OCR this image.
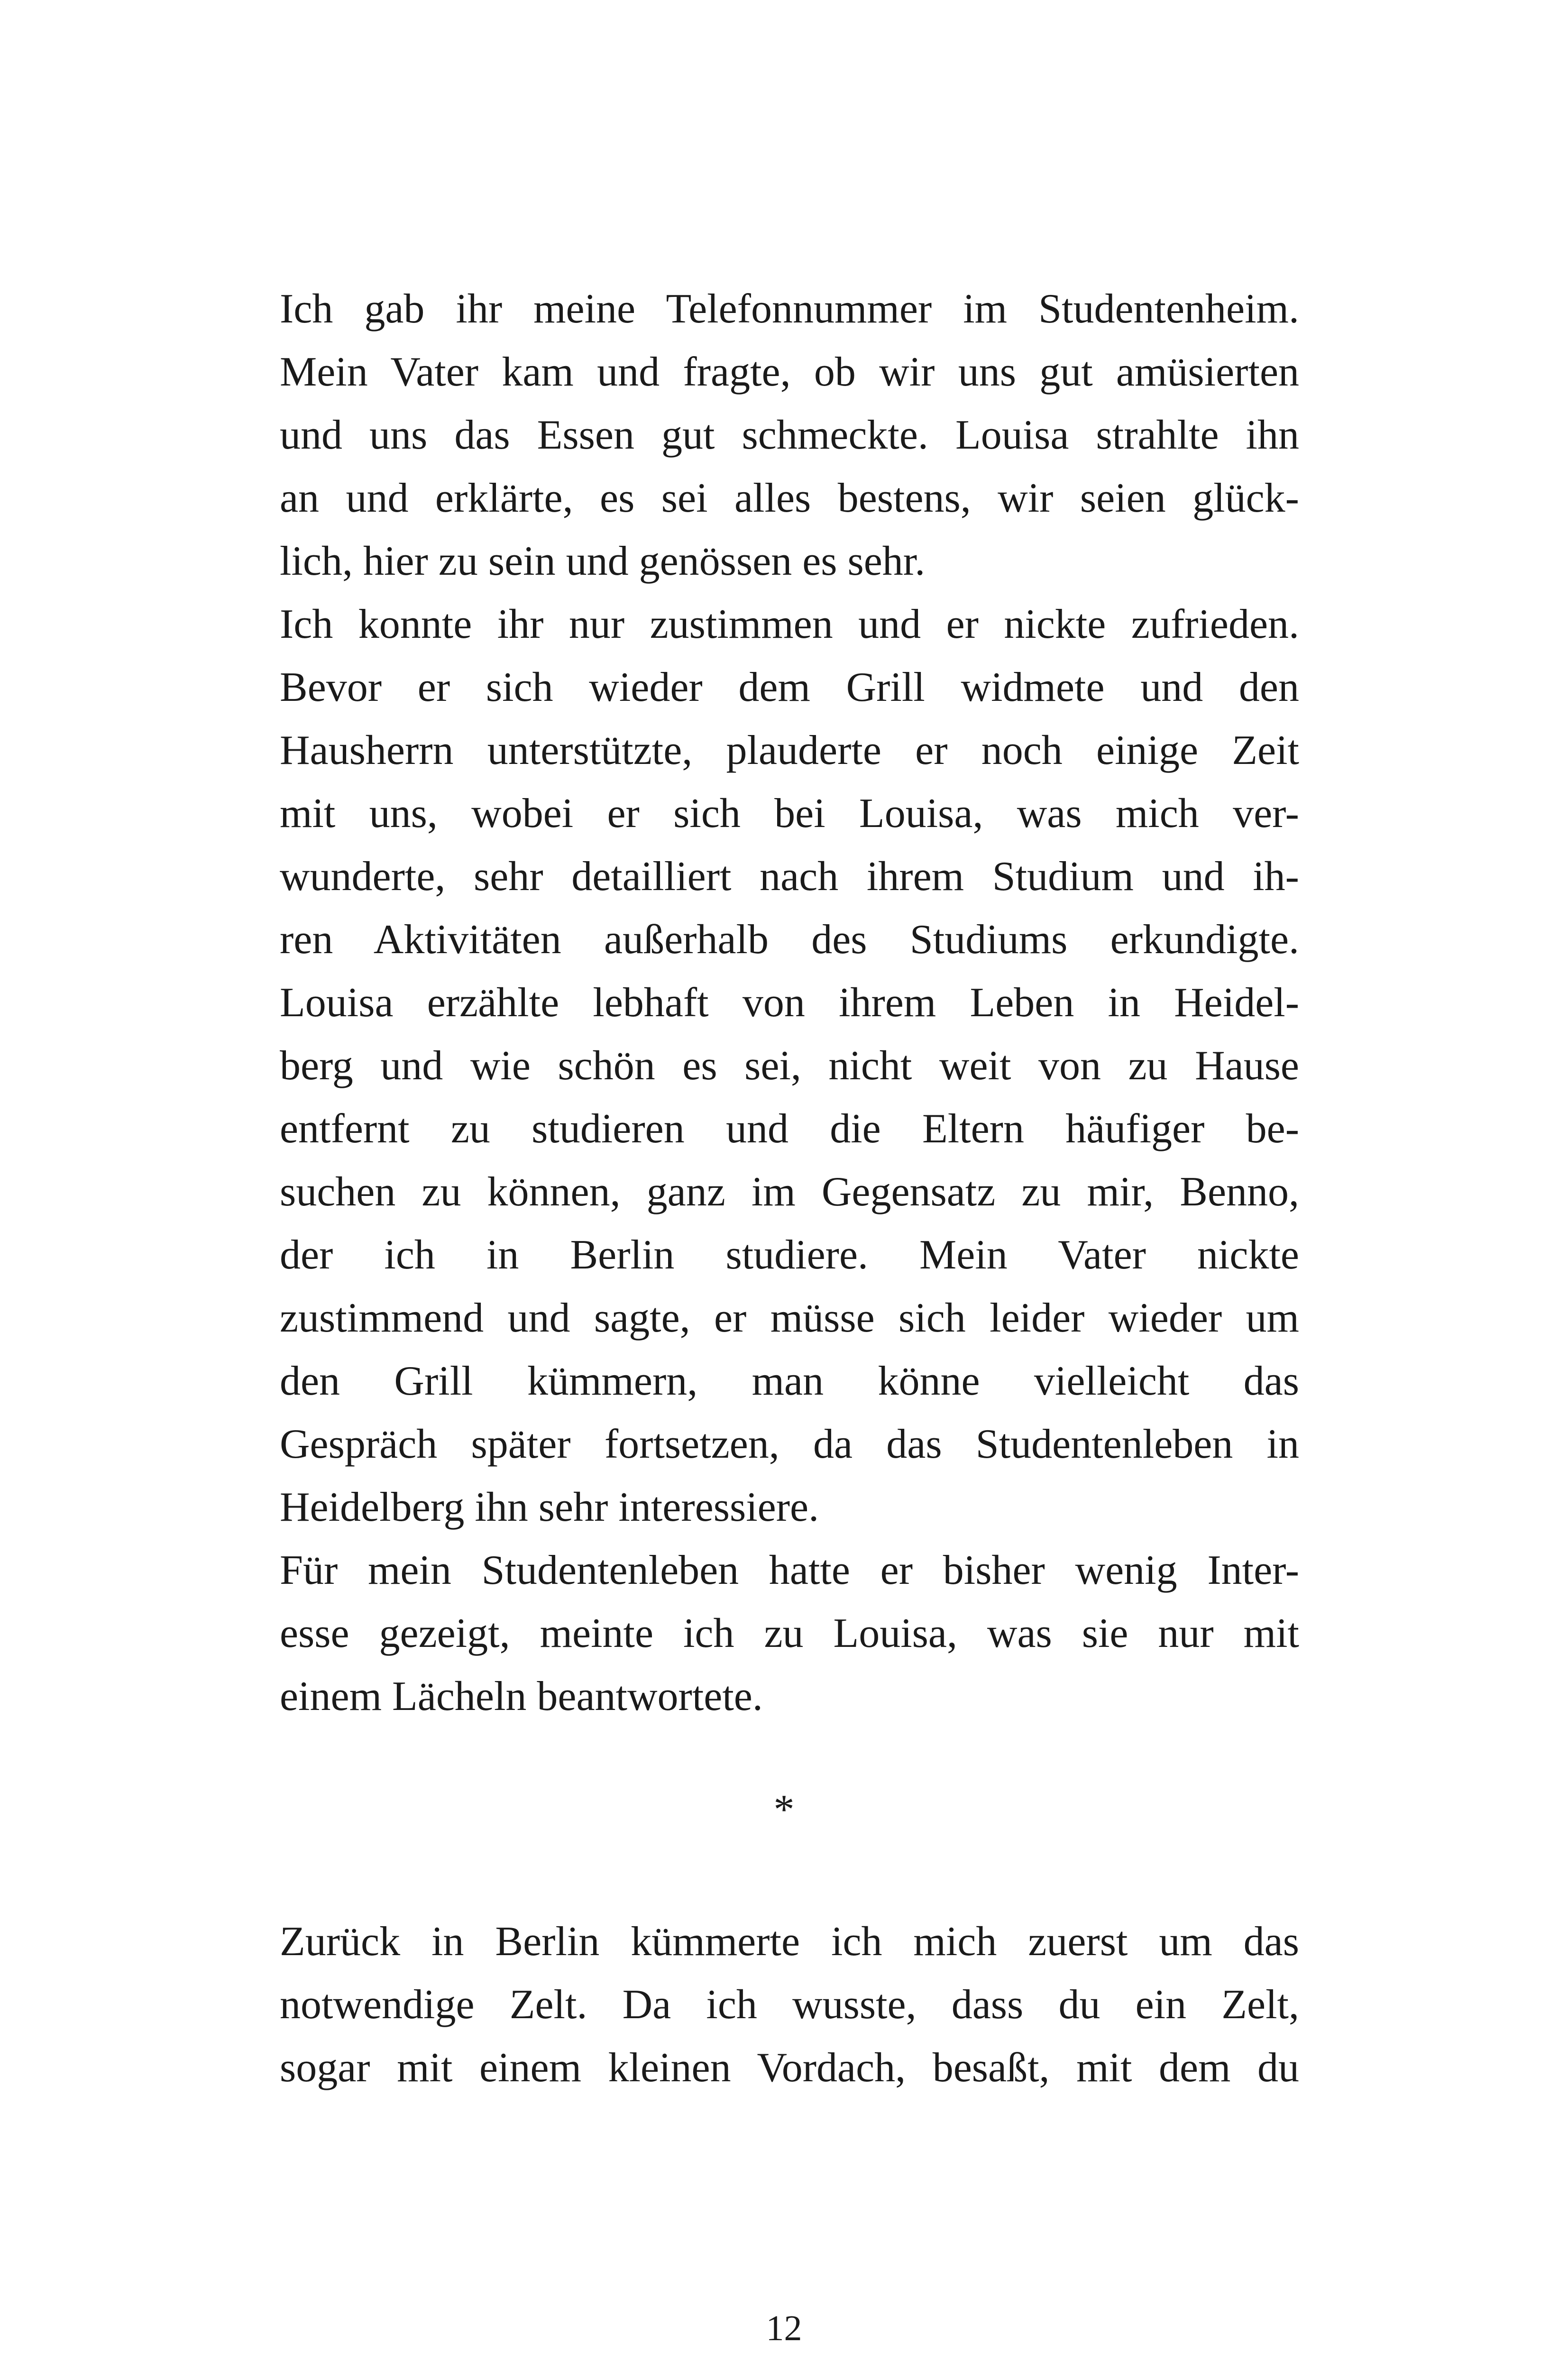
Ich gab ihr meine Telefonnummer im Studentenheim.
Mein Vater kam und fragte, ob wir uns gut amüsierten
und uns das Essen gut schmeckte. Louisa strahlte ihn
an und erklärte, es sei alles bestens, wir seien glück-
lich, hier zu sein und genössen es sehr.
Ich konnte ihr nur zustimmen und er nickte zufrieden.
Bevor er sich wieder dem Grill widmete und den
Hausherrn unterstützte, plauderte er noch einige Zeit
mit uns, wobei er sich bei Louisa, was mich ver-
wunderte, sehr detailliert nach ihrem Studium und ih-
ren Aktivitäten außerhalb des Studiums erkundigte.
Louisa erzählte lebhaft von ihrem Leben in Heidel-
berg und wie schön es sei, nicht weit von zu Hause
entfernt zu studieren und die Eltern häufiger be-
suchen zu können, ganz im Gegensatz zu mir, Benno,
der ich in Berlin studiere. Mein Vater nickte
zustimmend und sagte, er müsse sich leider wieder um
den Grill kümmern, man könne vielleicht das
Gespräch später fortsetzen, da das Studentenleben in
Heidelberg ihn sehr interessiere.
Für mein Studentenleben hatte er bisher wenig Inter-
esse gezeigt, meinte ich zu Louisa, was sie nur mit
einem Lächeln beantwortete.
*
Zurück in Berlin kümmerte ich mich zuerst um das
notwendige Zelt. Da ich wusste, dass du ein Zelt,
sogar mit einem kleinen Vordach, besaßt, mit dem du
12
